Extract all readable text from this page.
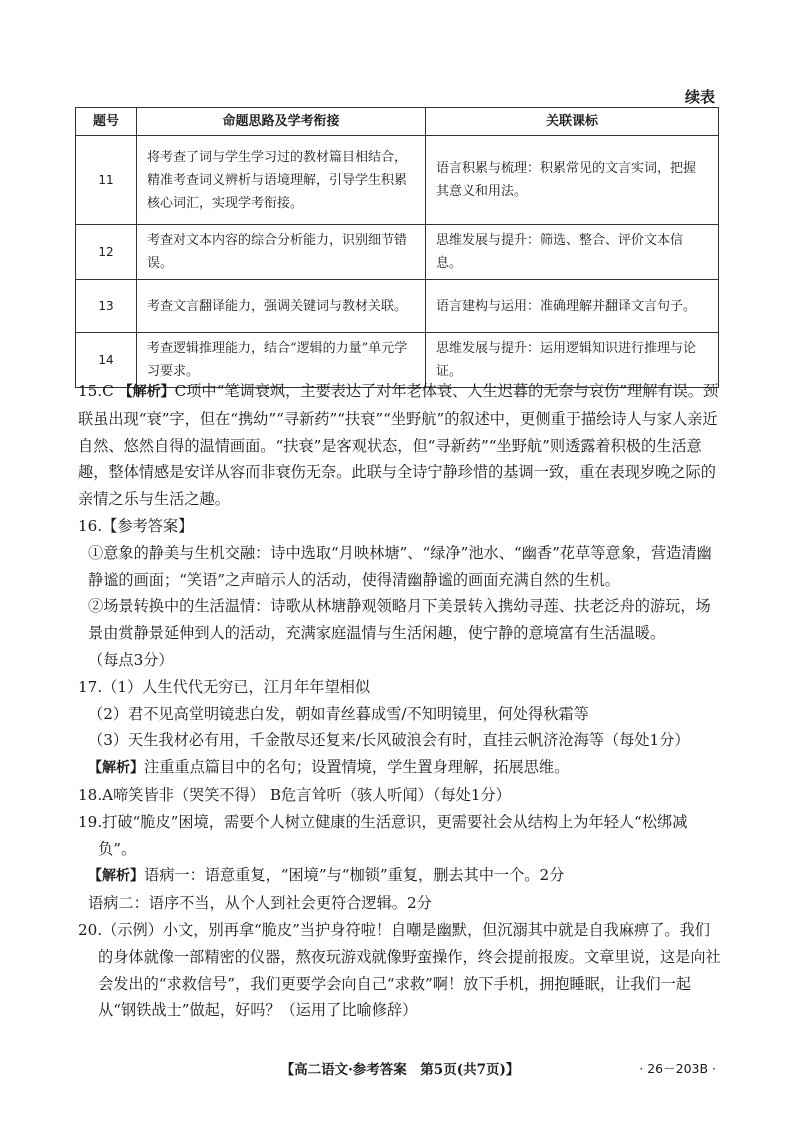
续表
题号	命题思路及学考衔接	关联课标
11	将考查了词与学生学习过的教材篇目相结合，精准考查词义辨析与语境理解，引导学生积累核心词汇，实现学考衔接。	语言积累与梳理：积累常见的文言实词，把握其意义和用法。
12	考查对文本内容的综合分析能力，识别细节错误。	思维发展与提升：筛选、整合、评价文本信息。
13	考查文言翻译能力，强调关键词与教材关联。	语言建构与运用：准确理解并翻译文言句子。
14	考查逻辑推理能力，结合“逻辑的力量”单元学习要求。	思维发展与提升：运用逻辑知识进行推理与论证。

15.C 【解析】C项中“笔调衰飒，主要表达了对年老体衰、人生迟暮的无奈与哀伤”理解有误。颈联虽出现“衰”字，但在“携幼”“寻新药”“扶衰”“坐野航”的叙述中，更侧重于描绘诗人与家人亲近自然、悠然自得的温情画面。“扶衰”是客观状态，但“寻新药”“坐野航”则透露着积极的生活意趣，整体情感是安详从容而非衰伤无奈。此联与全诗宁静珍惜的基调一致，重在表现岁晚之际的亲情之乐与生活之趣。

16.【参考答案】

①意象的静美与生机交融：诗中选取“月映林塘”、“绿净”池水、“幽香”花草等意象，营造清幽静谧的画面；“笑语”之声暗示人的活动，使得清幽静谧的画面充满自然的生机。

②场景转换中的生活温情：诗歌从林塘静观领略月下美景转入携幼寻莲、扶老泛舟的游玩，场景由赏静景延伸到人的活动，充满家庭温情与生活闲趣，使宁静的意境富有生活温暖。

（每点3分）

17.（1）人生代代无穷已，江月年年望相似

（2）君不见高堂明镜悲白发，朝如青丝暮成雪/不知明镜里，何处得秋霜等

（3）天生我材必有用，千金散尽还复来/长风破浪会有时，直挂云帆济沧海等（每处1分）

【解析】注重重点篇目中的名句；设置情境，学生置身理解，拓展思维。

18.A啼笑皆非（哭笑不得） B危言耸听（骇人听闻）（每处1分）

19.打破“脆皮”困境，需要个人树立健康的生活意识，更需要社会从结构上为年轻人“松绑减负”。

【解析】语病一：语意重复，“困境”与“枷锁”重复，删去其中一个。2分

语病二：语序不当，从个人到社会更符合逻辑。2分

20.（示例）小文，别再拿“脆皮”当护身符啦！自嘲是幽默，但沉溺其中就是自我麻痹了。我们的身体就像一部精密的仪器，熬夜玩游戏就像野蛮操作，终会提前报废。文章里说，这是向社会发出的“求救信号”，我们更要学会向自己“求救”啊！放下手机，拥抱睡眠，让我们一起从“钢铁战士”做起，好吗？（运用了比喻修辞）

【高二语文·参考答案　第5页(共7页)】	· 26－203B ·
